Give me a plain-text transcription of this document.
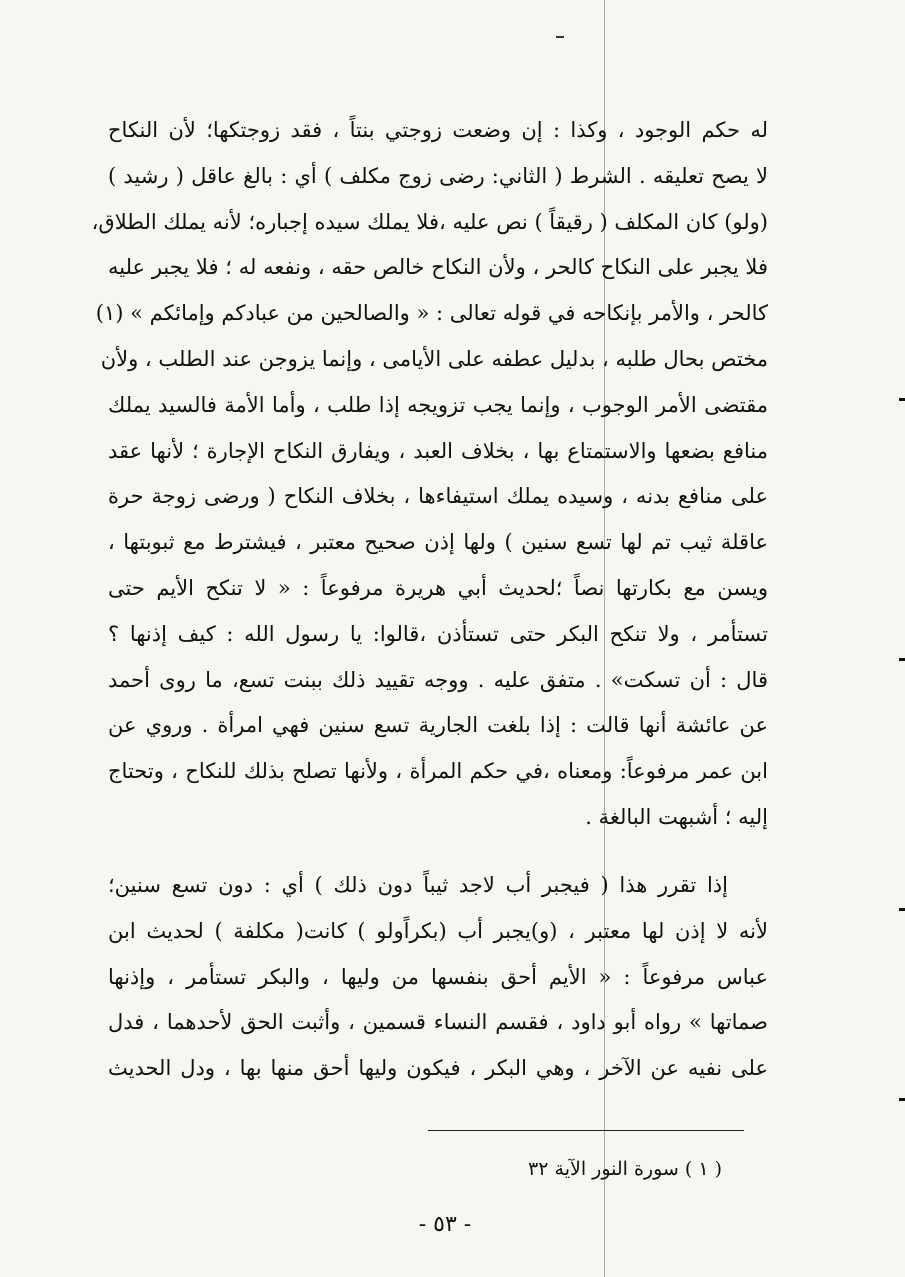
له حكم الوجود ، وكذا : إن وضعت زوجتي بنتاً ، فقد زوجتكها؛ لأن النكاح
لا يصح تعليقه . الشرط ( الثاني: رضى زوج مكلف ) أي : بالغ عاقل ( رشيد )
(ولو) كان المكلف ( رقيقاً ) نص عليه ،فلا يملك سيده إجباره؛ لأنه يملك الطلاق،
فلا يجبر على النكاح كالحر ، ولأن النكاح خالص حقه ، ونفعه له ؛ فلا يجبر عليه
كالحر ، والأمر بإنكاحه في قوله تعالى : « والصالحين من عبادكم وإمائكم » (١)
مختص بحال طلبه ، بدليل عطفه على الأيامى ، وإنما يزوجن عند الطلب ، ولأن
مقتضى الأمر الوجوب ، وإنما يجب تزويجه إذا طلب ، وأما الأمة فالسيد يملك
منافع بضعها والاستمتاع بها ، بخلاف العبد ، ويفارق النكاح الإجارة ؛ لأنها عقد
على منافع بدنه ، وسيده يملك استيفاءها ، بخلاف النكاح ( ورضى زوجة حرة
عاقلة ثيب تم لها تسع سنين ) ولها إذن صحيح معتبر ، فيشترط مع ثبوبتها ،
ويسن مع بكارتها نصاً ؛لحديث أبي هريرة مرفوعاً : « لا تنكح الأيم حتى
تستأمر ، ولا تنكح البكر حتى تستأذن ،قالوا: يا رسول الله : كيف إذنها ؟
قال : أن تسكت» . متفق عليه . ووجه تقييد ذلك ببنت تسع، ما روى أحمد
عن عائشة أنها قالت : إذا بلغت الجارية تسع سنين فهي امرأة . وروي عن
ابن عمر مرفوعاً: ومعناه ،في حكم المرأة ، ولأنها تصلح بذلك للنكاح ، وتحتاج
إليه ؛ أشبهت البالغة .
إذا تقرر هذا ( فيجبر أب لاجد ثيباً دون ذلك ) أي : دون تسع سنين؛
لأنه لا إذن لها معتبر ، (و)يجبر أب (بكراًولو ) كانت( مكلفة ) لحديث ابن
عباس مرفوعاً : « الأيم أحق بنفسها من وليها ، والبكر تستأمر ، وإذنها
صماتها » رواه أبو داود ، فقسم النساء قسمين ، وأثبت الحق لأحدهما ، فدل
على نفيه عن الآخر ، وهي البكر ، فيكون وليها أحق منها بها ، ودل الحديث
( ١ ) سورة النور الآية ٣٢
- ٥٣ -
